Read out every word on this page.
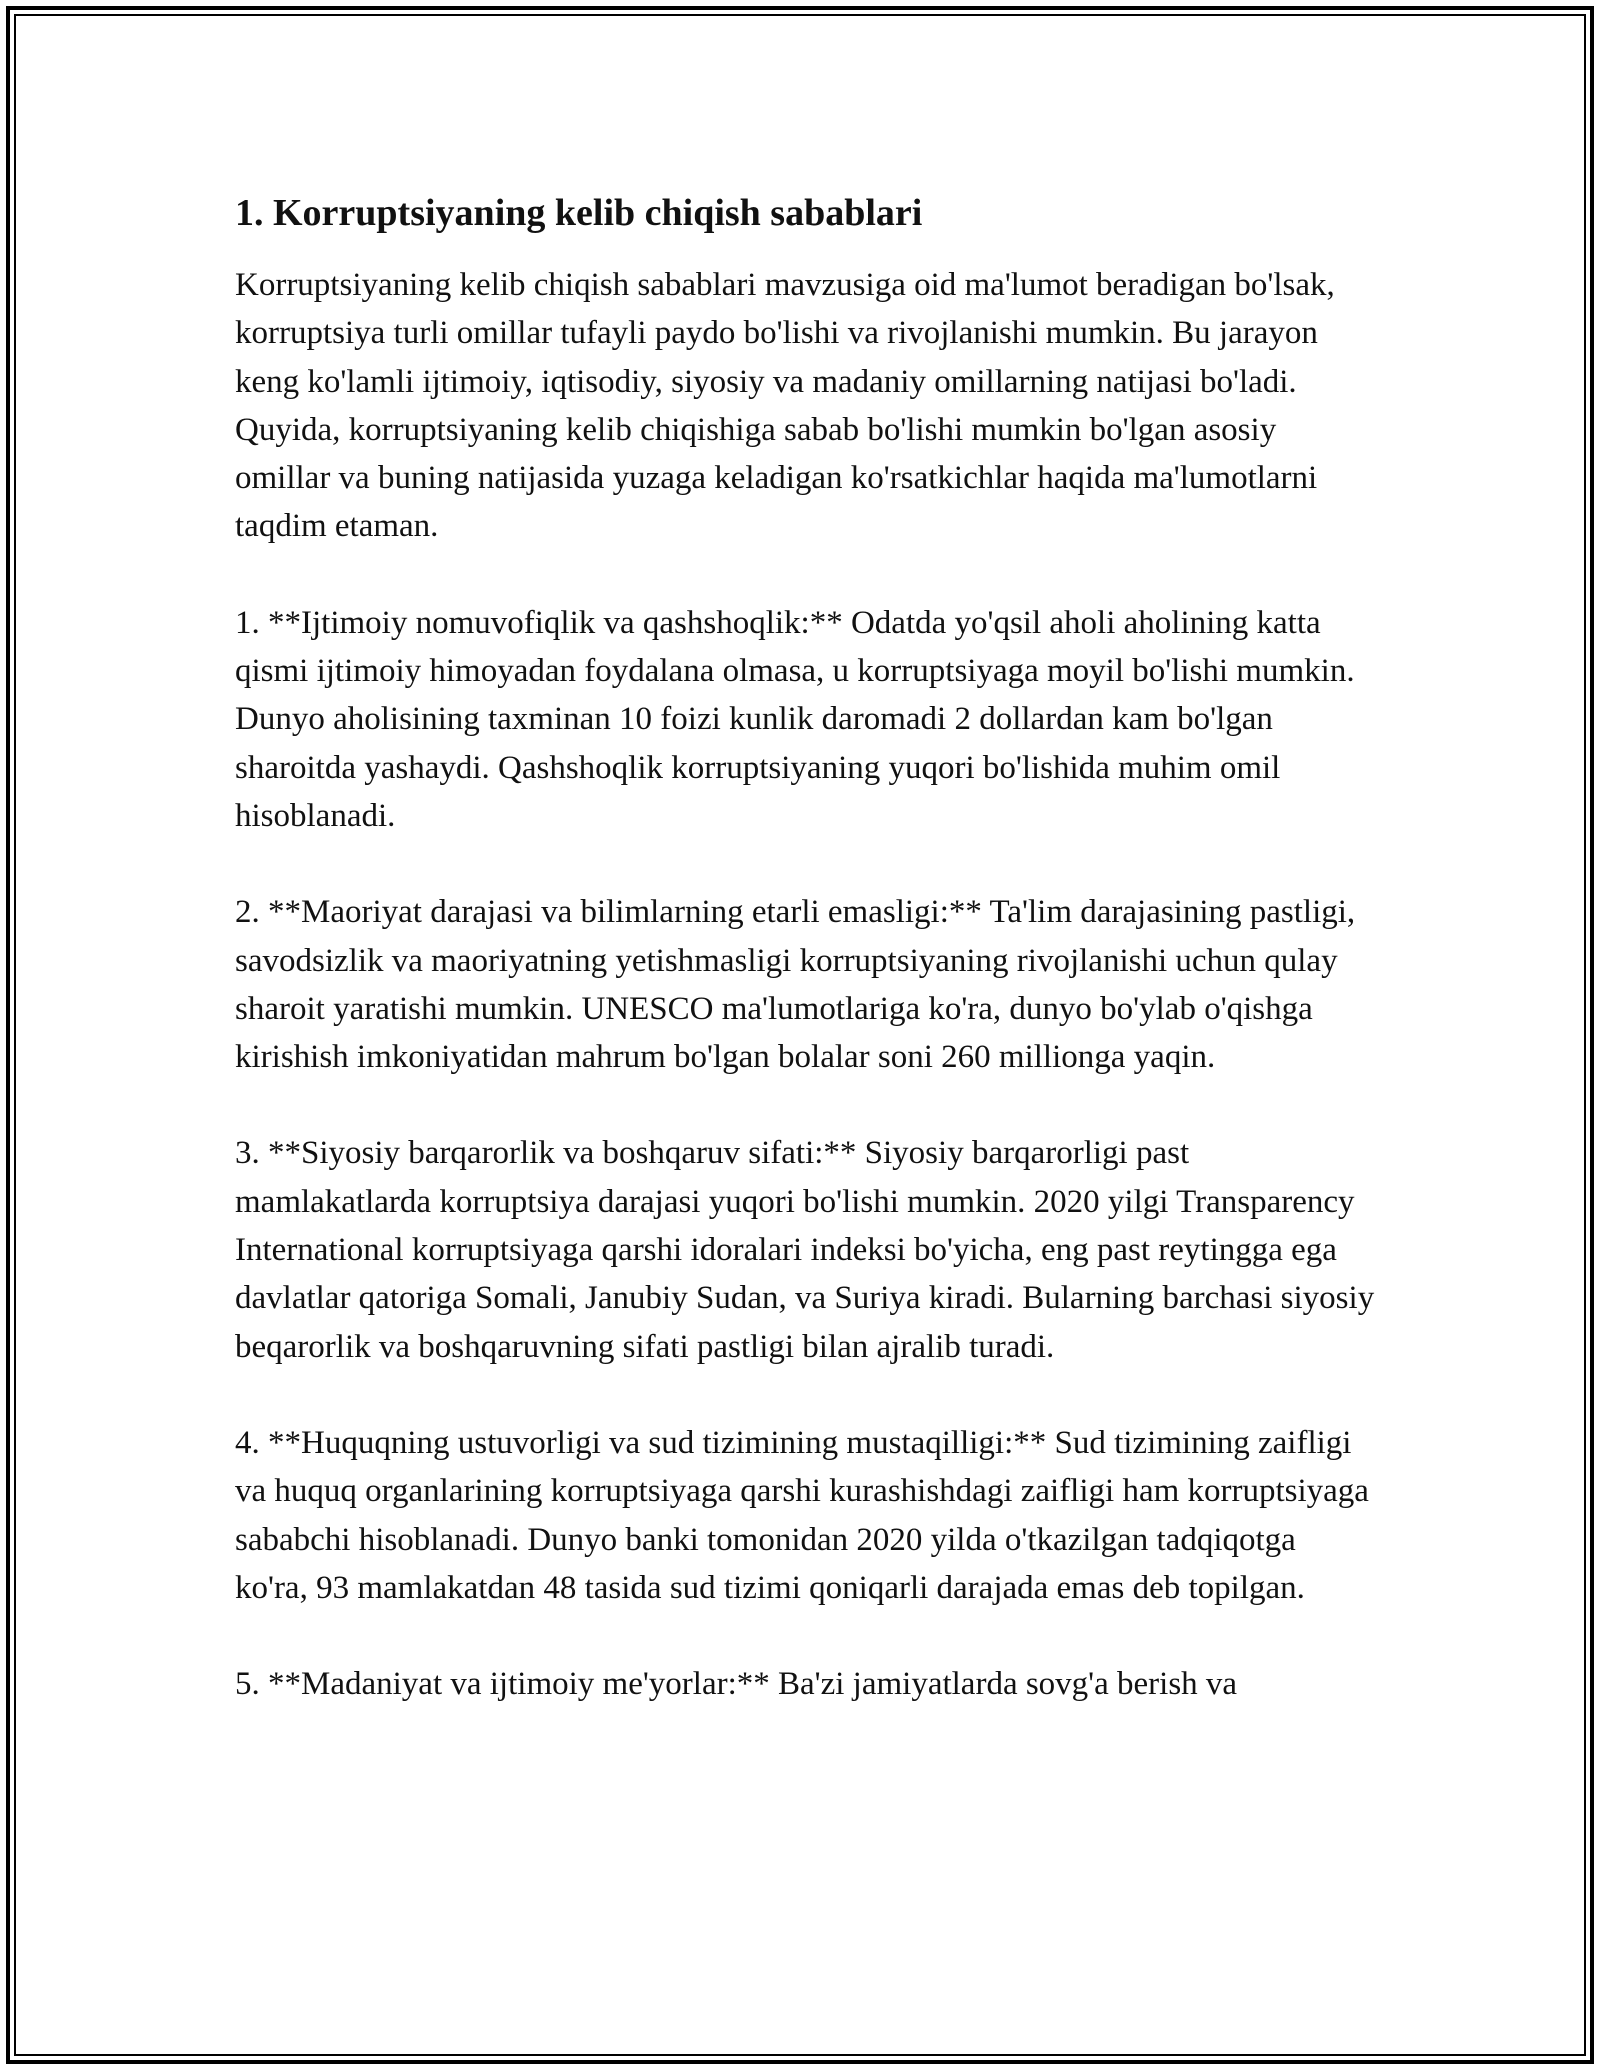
1. Korruptsiyaning kelib chiqish sabablari

Korruptsiyaning kelib chiqish sabablari mavzusiga oid ma'lumot beradigan bo'lsak, korruptsiya turli omillar tufayli paydo bo'lishi va rivojlanishi mumkin. Bu jarayon keng ko'lamli ijtimoiy, iqtisodiy, siyosiy va madaniy omillarning natijasi bo'ladi. Quyida, korruptsiyaning kelib chiqishiga sabab bo'lishi mumkin bo'lgan asosiy omillar va buning natijasida yuzaga keladigan ko'rsatkichlar haqida ma'lumotlarni taqdim etaman.

1. **Ijtimoiy nomuvofiqlik va qashshoqlik:** Odatda yo'qsil aholi aholining katta qismi ijtimoiy himoyadan foydalana olmasa, u korruptsiyaga moyil bo'lishi mumkin. Dunyo aholisining taxminan 10 foizi kunlik daromadi 2 dollardan kam bo'lgan sharoitda yashaydi. Qashshoqlik korruptsiyaning yuqori bo'lishida muhim omil hisoblanadi.

2. **Maoriyat darajasi va bilimlarning etarli emasligi:** Ta'lim darajasining pastligi, savodsizlik va maoriyatning yetishmasligi korruptsiyaning rivojlanishi uchun qulay sharoit yaratishi mumkin. UNESCO ma'lumotlariga ko'ra, dunyo bo'ylab o'qishga kirishish imkoniyatidan mahrum bo'lgan bolalar soni 260 millionga yaqin.

3. **Siyosiy barqarorlik va boshqaruv sifati:** Siyosiy barqarorligi past mamlakatlarda korruptsiya darajasi yuqori bo'lishi mumkin. 2020 yilgi Transparency International korruptsiyaga qarshi idoralari indeksi bo'yicha, eng past reytingga ega davlatlar qatoriga Somali, Janubiy Sudan, va Suriya kiradi. Bularning barchasi siyosiy beqarorlik va boshqaruvning sifati pastligi bilan ajralib turadi.

4. **Huquqning ustuvorligi va sud tizimining mustaqilligi:** Sud tizimining zaifligi va huquq organlarining korruptsiyaga qarshi kurashishdagi zaifligi ham korruptsiyaga sababchi hisoblanadi. Dunyo banki tomonidan 2020 yilda o'tkazilgan tadqiqotga ko'ra, 93 mamlakatdan 48 tasida sud tizimi qoniqarli darajada emas deb topilgan.

5. **Madaniyat va ijtimoiy me'yorlar:** Ba'zi jamiyatlarda sovg'a berish va
